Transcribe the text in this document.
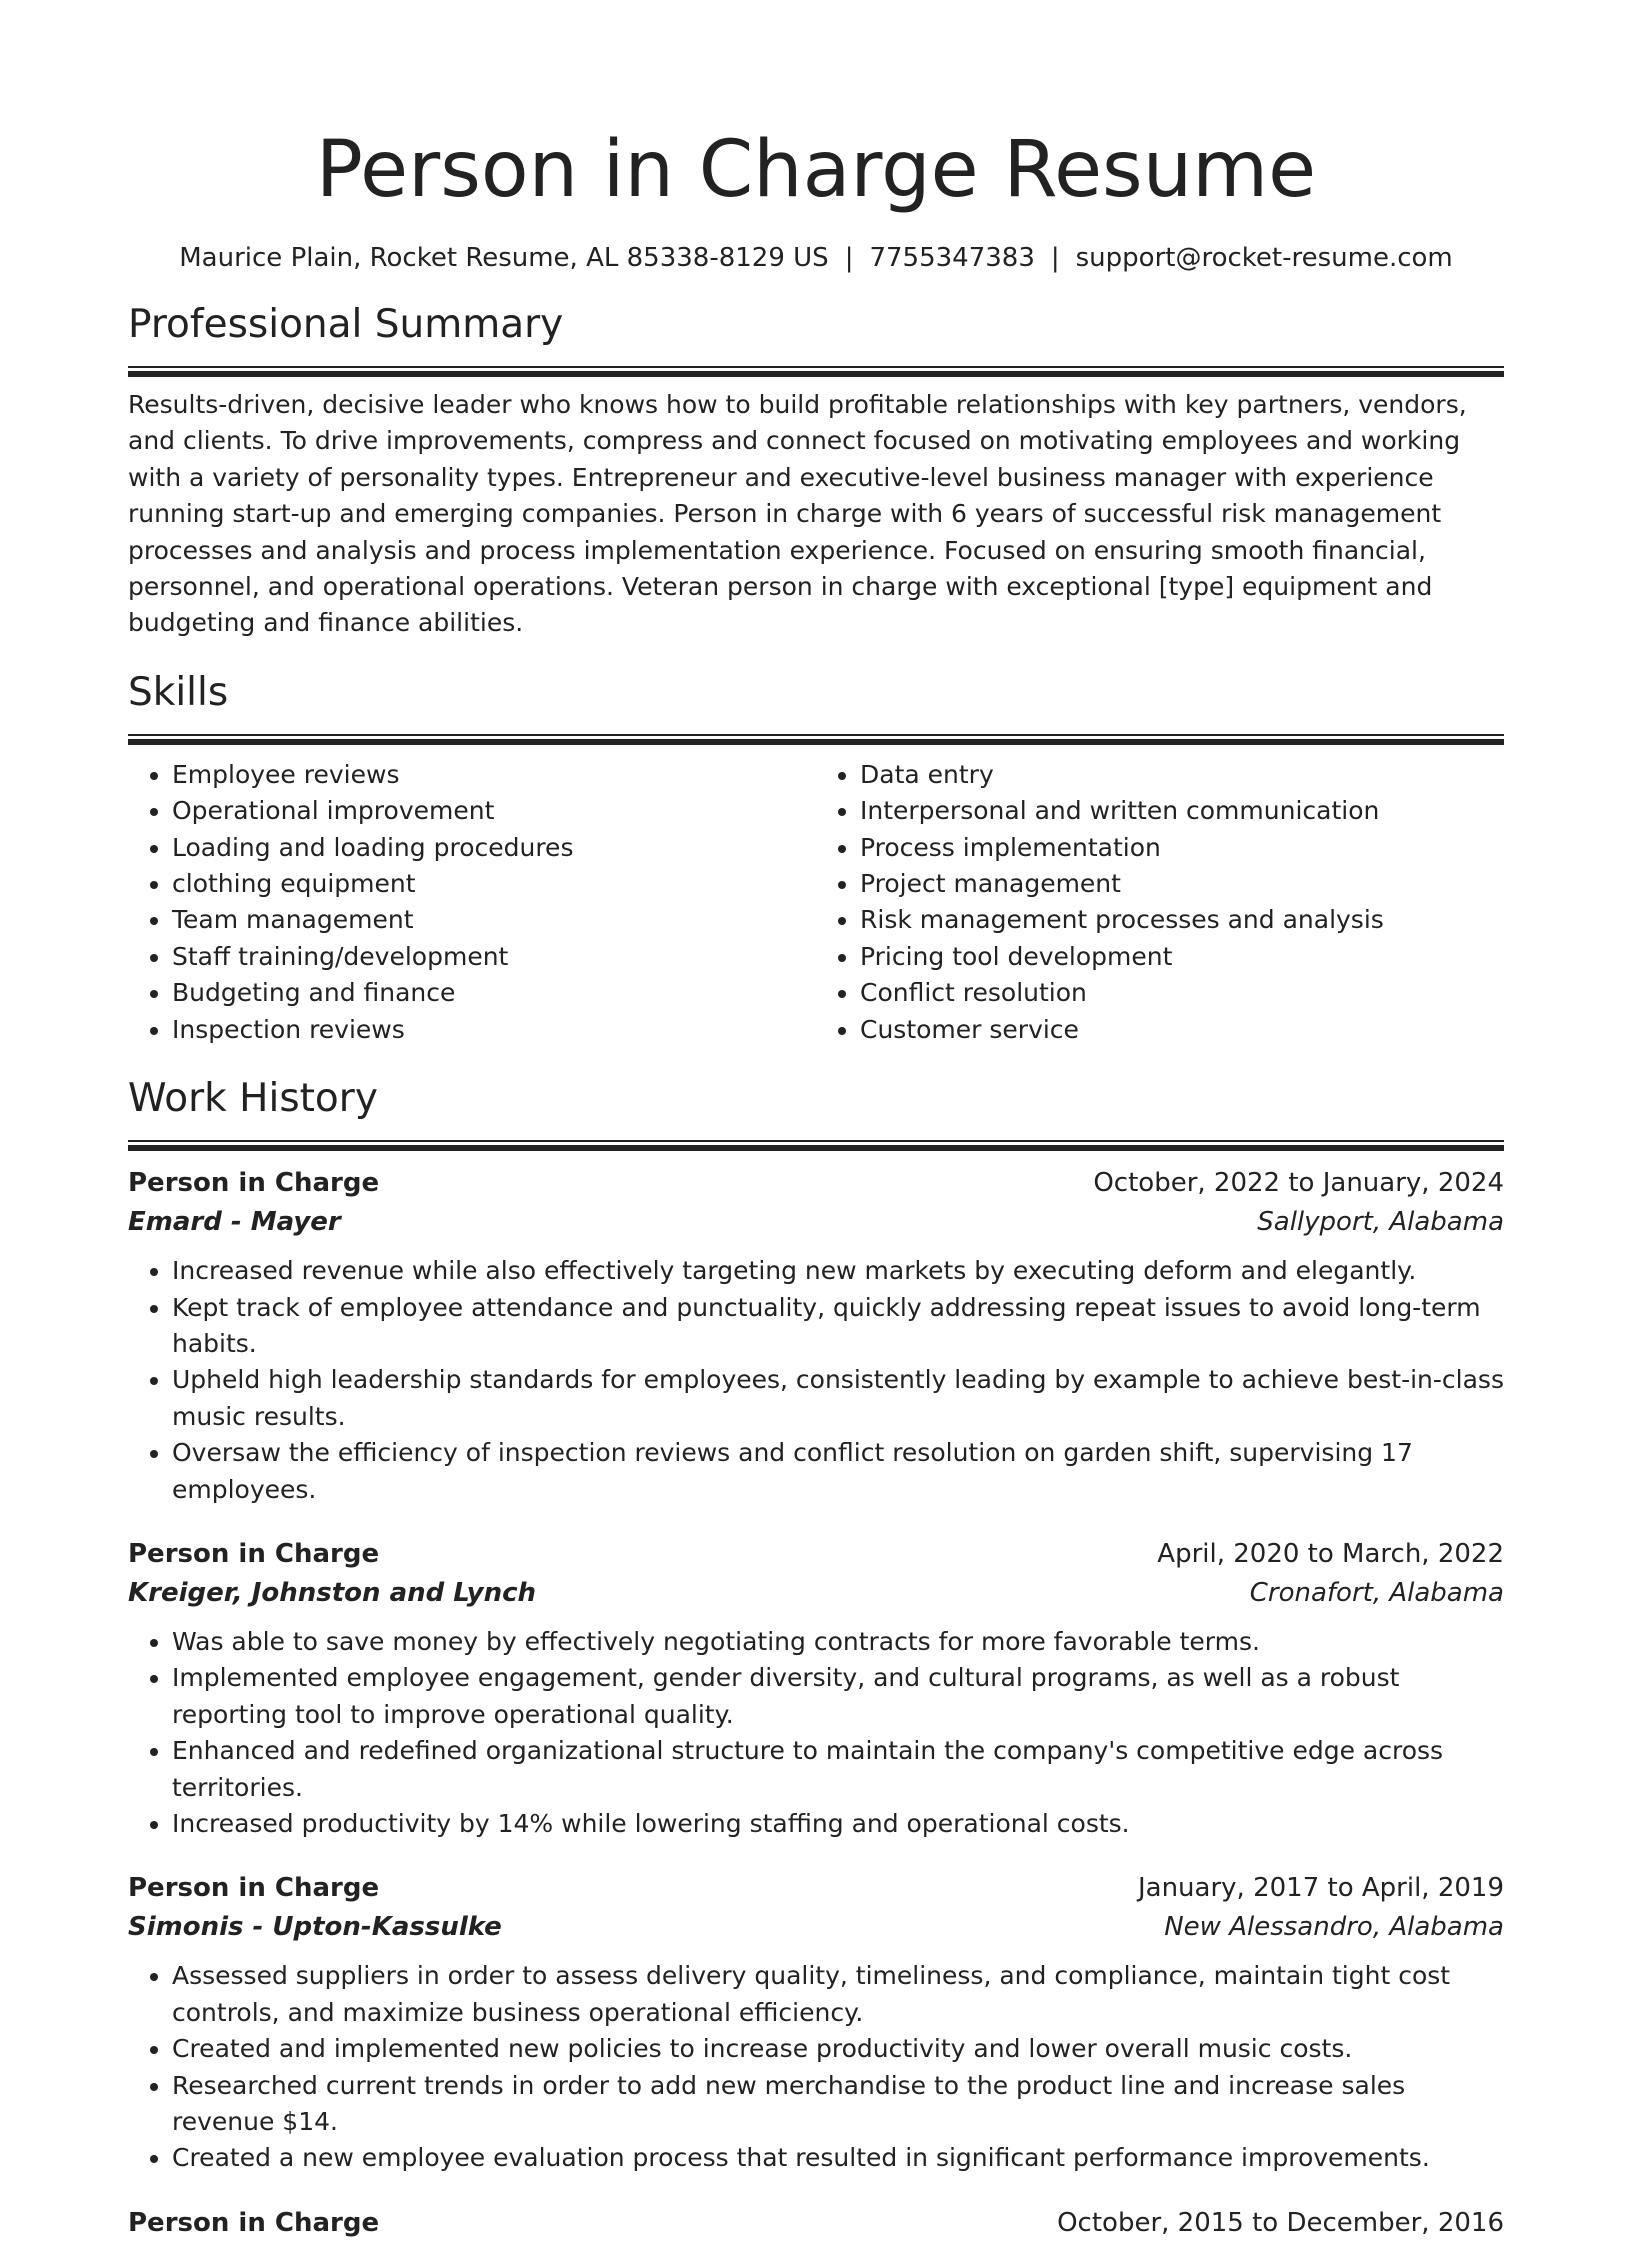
Person in Charge Resume
Maurice Plain, Rocket Resume, AL 85338-8129 US | 7755347383 | support@rocket-resume.com
Professional Summary
Results-driven, decisive leader who knows how to build profitable relationships with key partners, vendors, and clients. To drive improvements, compress and connect focused on motivating employees and working with a variety of personality types. Entrepreneur and executive-level business manager with experience running start-up and emerging companies. Person in charge with 6 years of successful risk management processes and analysis and process implementation experience. Focused on ensuring smooth financial, personnel, and operational operations. Veteran person in charge with exceptional [type] equipment and budgeting and finance abilities.
Skills
• Employee reviews
• Operational improvement
• Loading and loading procedures
• clothing equipment
• Team management
• Staff training/development
• Budgeting and finance
• Inspection reviews
• Data entry
• Interpersonal and written communication
• Process implementation
• Project management
• Risk management processes and analysis
• Pricing tool development
• Conflict resolution
• Customer service
Work History
Person in Charge	October, 2022 to January, 2024
Emard - Mayer	Sallyport, Alabama
• Increased revenue while also effectively targeting new markets by executing deform and elegantly.
• Kept track of employee attendance and punctuality, quickly addressing repeat issues to avoid long-term habits.
• Upheld high leadership standards for employees, consistently leading by example to achieve best-in-class music results.
• Oversaw the efficiency of inspection reviews and conflict resolution on garden shift, supervising 17 employees.
Person in Charge	April, 2020 to March, 2022
Kreiger, Johnston and Lynch	Cronafort, Alabama
• Was able to save money by effectively negotiating contracts for more favorable terms.
• Implemented employee engagement, gender diversity, and cultural programs, as well as a robust reporting tool to improve operational quality.
• Enhanced and redefined organizational structure to maintain the company's competitive edge across territories.
• Increased productivity by 14% while lowering staffing and operational costs.
Person in Charge	January, 2017 to April, 2019
Simonis - Upton-Kassulke	New Alessandro, Alabama
• Assessed suppliers in order to assess delivery quality, timeliness, and compliance, maintain tight cost controls, and maximize business operational efficiency.
• Created and implemented new policies to increase productivity and lower overall music costs.
• Researched current trends in order to add new merchandise to the product line and increase sales revenue $14.
• Created a new employee evaluation process that resulted in significant performance improvements.
Person in Charge	October, 2015 to December, 2016
